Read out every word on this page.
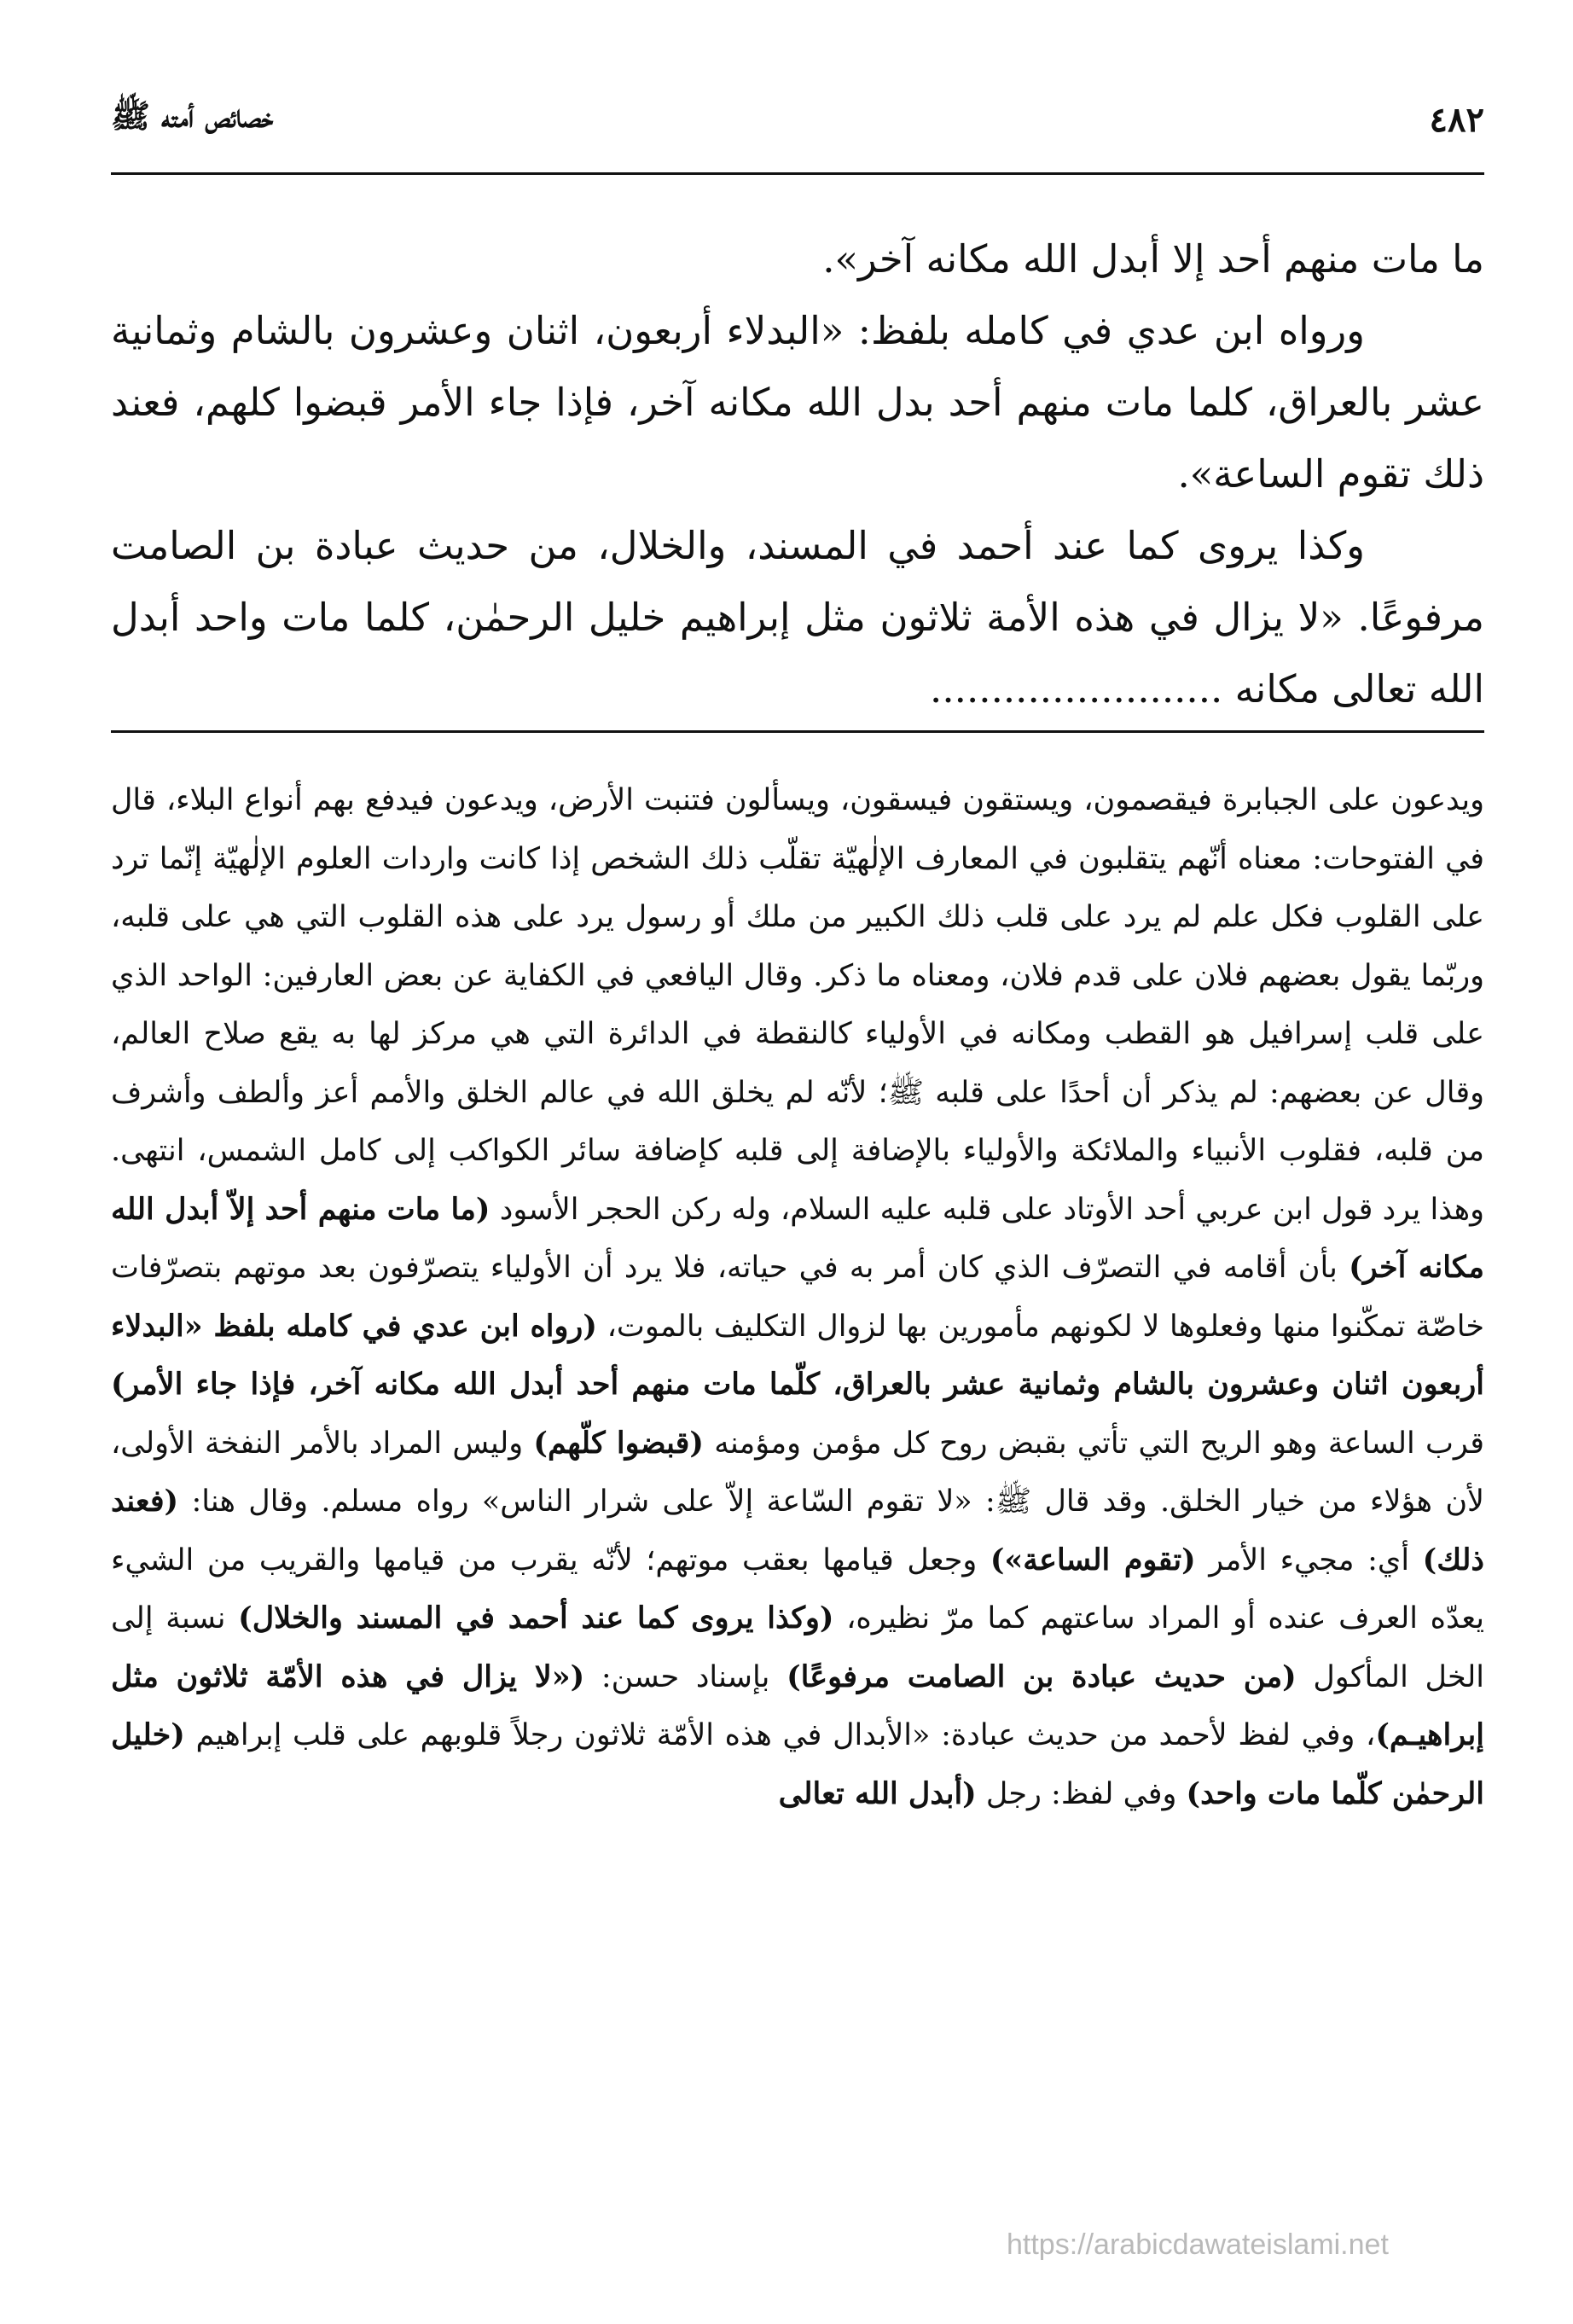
٤٨٢
خصائص أمته ﷺ

ما مات منهم أحد إلا أبدل الله مكانه آخر».

ورواه ابن عدي في كامله بلفظ: «البدلاء أربعون، اثنان وعشرون بالشام وثمانية عشر بالعراق، كلما مات منهم أحد بدل الله مكانه آخر، فإذا جاء الأمر قبضوا كلهم، فعند ذلك تقوم الساعة».

وكذا يروى كما عند أحمد في المسند، والخلال، من حديث عبادة بن الصامت مرفوعًا. «لا يزال في هذه الأمة ثلاثون مثل إبراهيم خليل الرحمٰن، كلما مات واحد أبدل الله تعالى مكانه ........................

ويدعون على الجبابرة فيقصمون، ويستقون فيسقون، ويسألون فتنبت الأرض، ويدعون فيدفع بهم أنواع البلاء، قال في الفتوحات: معناه أنّهم يتقلبون في المعارف الإلٰهيّة تقلّب ذلك الشخص إذا كانت واردات العلوم الإلٰهيّة إنّما ترد على القلوب فكل علم لم يرد على قلب ذلك الكبير من ملك أو رسول يرد على هذه القلوب التي هي على قلبه، وربّما يقول بعضهم فلان على قدم فلان، ومعناه ما ذكر. وقال اليافعي في الكفاية عن بعض العارفين: الواحد الذي على قلب إسرافيل هو القطب ومكانه في الأولياء كالنقطة في الدائرة التي هي مركز لها به يقع صلاح العالم، وقال عن بعضهم: لم يذكر أن أحدًا على قلبه ﷺ؛ لأنّه لم يخلق الله في عالم الخلق والأمم أعز وألطف وأشرف من قلبه، فقلوب الأنبياء والملائكة والأولياء بالإضافة إلى قلبه كإضافة سائر الكواكب إلى كامل الشمس، انتهى. وهذا يرد قول ابن عربي أحد الأوتاد على قلبه عليه السلام، وله ركن الحجر الأسود (ما مات منهم أحد إلاّ أبدل الله مكانه آخر) بأن أقامه في التصرّف الذي كان أمر به في حياته، فلا يرد أن الأولياء يتصرّفون بعد موتهم بتصرّفات خاصّة تمكّنوا منها وفعلوها لا لكونهم مأمورين بها لزوال التكليف بالموت، (رواه ابن عدي في كامله بلفظ «البدلاء أربعون اثنان وعشرون بالشام وثمانية عشر بالعراق، كلّما مات منهم أحد أبدل الله مكانه آخر، فإذا جاء الأمر) قرب الساعة وهو الريح التي تأتي بقبض روح كل مؤمن ومؤمنه (قبضوا كلّهم) وليس المراد بالأمر النفخة الأولى، لأن هؤلاء من خيار الخلق. وقد قال ﷺ: «لا تقوم السّاعة إلاّ على شرار الناس» رواه مسلم. وقال هنا: (فعند ذلك) أي: مجيء الأمر (تقوم الساعة») وجعل قيامها بعقب موتهم؛ لأنّه يقرب من قيامها والقريب من الشيء يعدّه العرف عنده أو المراد ساعتهم كما مرّ نظيره، (وكذا يروى كما عند أحمد في المسند والخلال) نسبة إلى الخل المأكول (من حديث عبادة بن الصامت مرفوعًا) بإسناد حسن: («لا يزال في هذه الأمّة ثلاثون مثل إبراهيـم)، وفي لفظ لأحمد من حديث عبادة: «الأبدال في هذه الأمّة ثلاثون رجلاً قلوبهم على قلب إبراهيم (خليل الرحمٰن كلّما مات واحد) وفي لفظ: رجل (أبدل الله تعالى

https://arabicdawateislami.net
